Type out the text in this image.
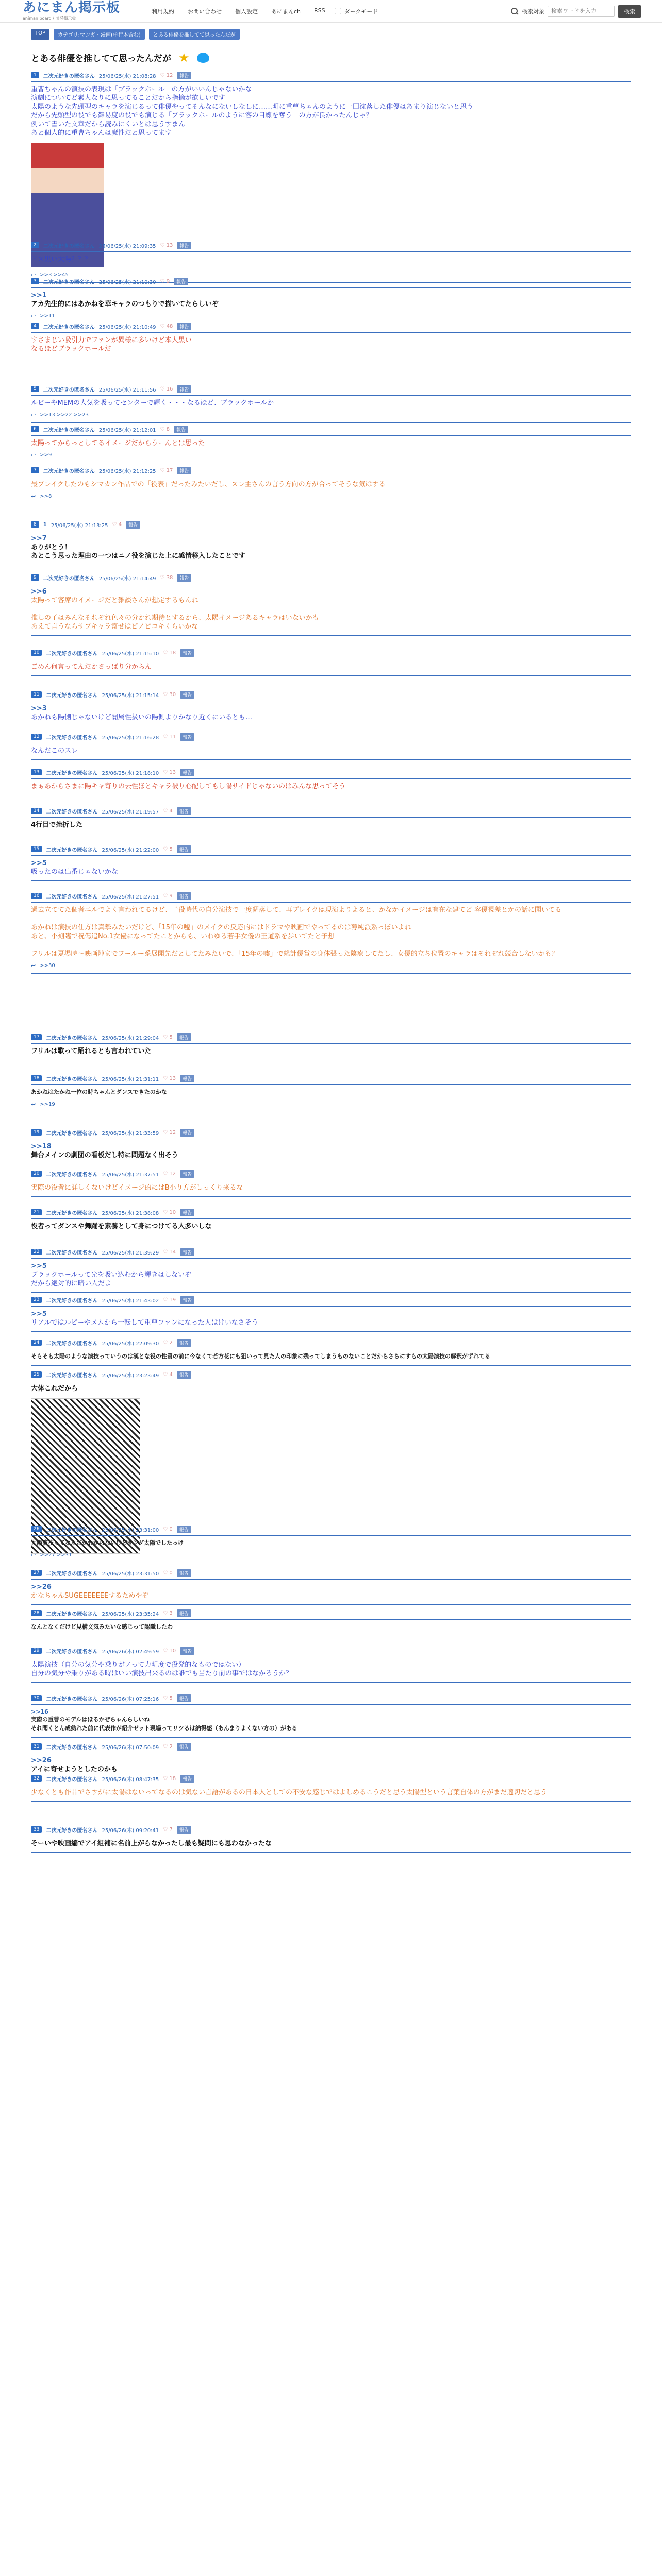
あにまん掲示板
animan board / 匿名掲示板
利用規約 お問い合わせ 個人設定 あにまんch RSS	ダークモード	検索対象
検索ワードを入力	検索
TOP	カテゴリ:マンガ・漫画(単行本含む)	とある俳優を推してて思ったんだが
とある俳優を推してて思ったんだが ★
1	二次元好きの匿名さん 25/06/25(水) 21:08:28 ♡ 12	報告
重曹ちゃんの演技の表現は「ブラックホール」の方がいいんじゃないかな
演劇についてど素人なりに思ってることだから指摘が欲しいです
太陽のような先頭型のキャラを演じるって俳優やってそんなにないしなしに……明に重曹ちゃんのように一回沈落した俳優はあまり演じないと思う
だから先頭型の役でも難易度の役でも演じる「ブラックホールのように客の目線を奪う」の方が良かったんじゃ？
例いて書いた文章だから読みにくいとは思うすまん
あと個人的に重曹ちゃんは魔性だと思ってます
↩ >>3 >>45
2	二次元好きの匿名さん 25/06/25(水) 21:09:35 ♡ 13	報告
ドス黒い太陽？？？
3	二次元好きの匿名さん 25/06/25(水) 21:10:30 ♡ 9	報告
>>1
アカ先生的にはあかねを華キャラのつもりで描いてたらしいぞ
↩ >>11
4	二次元好きの匿名さん 25/06/25(水) 21:10:49 ♡ 48	報告
すさまじい吸引力でファンが異様に多いけど本人黒い
なるほどブラックホールだ
5	二次元好きの匿名さん 25/06/25(水) 21:11:56 ♡ 16	報告
ルビーやMEMの人気を吸ってセンターで輝く・・・なるほど、ブラックホールか
↩ >>13 >>22 >>23
6	二次元好きの匿名さん 25/06/25(水) 21:12:01 ♡ 8	報告
太陽ってからっとしてるイメージだからうーんとは思った
↩ >>9
7	二次元好きの匿名さん 25/06/25(水) 21:12:25 ♡ 17	報告
最ブレイクしたのもシマカン作品での「役表」だったみたいだし、スレ主さんの言う方向の方が合ってそうな気はする
↩ >>8
8	1 25/06/25(水) 21:13:25 ♡ 4	報告
>>7
ありがとう！
あとこう思った理由の一つはニノ役を演じた上に感情移入したことです
9	二次元好きの匿名さん 25/06/25(水) 21:14:49 ♡ 38	報告
>>6
太陽って客席のイメージだと雑談さんが想定するもんね
推しの子はみんなそれぞれ色々の分かれ期待とするから、太陽イメージあるキャラはいないかも
あえて言うならサブキャラ寄せはピノピコキくらいかな
10	二次元好きの匿名さん 25/06/25(水) 21:15:10 ♡ 18	報告
ごめん何言ってんだかさっぱり分からん
11	二次元好きの匿名さん 25/06/25(水) 21:15:14 ♡ 30	報告
>>3
あかねも陽側じゃないけど闇属性扱いの陽側よりかなり近くにいるとも…
12	二次元好きの匿名さん 25/06/25(水) 21:16:28 ♡ 11	報告
なんだこのスレ
13	二次元好きの匿名さん 25/06/25(水) 21:18:10 ♡ 13	報告
まぁあからさまに陽キャ寄りの去性ほとキャラ被り心配してもし陽サイドじゃないのはみんな思ってそう
14	二次元好きの匿名さん 25/06/25(水) 21:19:57 ♡ 4	報告
4行目で挫折した
15	二次元好きの匿名さん 25/06/25(水) 21:22:00 ♡ 5	報告
>>5
吸ったのは出番じゃないかな
16	二次元好きの匿名さん 25/06/25(水) 21:27:51 ♡ 9	報告
過去立ててた個者エルでよく言われてるけど、子役時代の自分演技で一度凋落して、再ブレイクは現演よりよると、かなかイメージは有在な建てど 容優視差とかの話に聞いてる
あかねは演技の仕方は真摯みたいだけど、「15年の嘘」のメイクの反応的にはドラマや映画でやってるのは薄純派系っぽいよね
あと、小刻臨で祝傷追No.1女優になってたことからも、いわゆる若手女優の王道系を歩いてたと予想
フリルは夏場時〜映画陣までフールー系展開先だとしてたみたいで、「15年の嘘」で総計優賞の身体張った陰療してたし、女優的立ち位置のキャラはそれぞれ競合しないかも？
↩ >>30
17	二次元好きの匿名さん 25/06/25(水) 21:29:04 ♡ 5	報告
フリルは歌って踊れるとも言われていた
18	二次元好きの匿名さん 25/06/25(水) 21:31:11 ♡ 13	報告
あかねはたかね一位の時ちゃんとダンスできたのかな
↩ >>19
19	二次元好きの匿名さん 25/06/25(水) 21:33:59 ♡ 12	報告
>>18
舞台メインの劇団の看板だし特に問題なく出そう
20	二次元好きの匿名さん 25/06/25(水) 21:37:51 ♡ 12	報告
実際の役者に詳しくないけどイメージ的にはB小り方がしっくり来るな
21	二次元好きの匿名さん 25/06/25(水) 21:38:08 ♡ 10	報告
役者ってダンスや舞踊を素養として身につけてる人多いしな
22	二次元好きの匿名さん 25/06/25(水) 21:39:29 ♡ 14	報告
>>5
ブラックホールって光を吸い込むから輝きはしないぞ
だから絶対的に暗い人だよ
23	二次元好きの匿名さん 25/06/25(水) 21:43:02 ♡ 19	報告
>>5
リアルではルビーやメムから一転して重曹ファンになった人はけいなさそう
24	二次元好きの匿名さん 25/06/25(水) 22:09:30 ♡ 2	報告
そもそも太陽のような演技っていうのは漢とな役の性質の前に今なくて若方花にも狙いって見た人の印象に残ってしまうものないことだからさらにすもの太陽演技の解釈がずれてる
25	二次元好きの匿名さん 25/06/25(水) 23:23:49 ♡ 4	報告
大体これだから
26	二次元好きの匿名さん 25/06/25(水) 23:31:00 ♡ 0	報告
太陽演技ってなんだかわからないけどサンダ太陽でしたっけ
↩ >>27 >>31
27	二次元好きの匿名さん 25/06/25(水) 23:31:50 ♡ 0	報告
>>26
かなちゃんSUGEEEEEEEするためやぞ
28	二次元好きの匿名さん 25/06/25(水) 23:35:24 ♡ 3	報告
なんとなくだけど見構文気みたいな感じって認識したわ
29	二次元好きの匿名さん 25/06/26(木) 02:49:59 ♡ 10	報告
太陽演技（自分の気分や乗りがノって力明度で役発的なものではない）
自分の気分や乗りがある時はいい演技出来るのは誰でも当たり前の事ではなかろうか？
30	二次元好きの匿名さん 25/06/26(木) 07:25:16 ♡ 5	報告
>>16
実際の重曹のモデルはほるかぜちゃんらしいね
それ聞くとん成熟れた前に代表作が紹介ゼット現場ってリツるは納得感（あんまりよくない方の）がある
31	二次元好きの匿名さん 25/06/26(木) 07:50:09 ♡ 2	報告
>>26
アイに寄せようとしたのかも
32	二次元好きの匿名さん 25/06/26(木) 08:47:35 ♡ 18	報告
少なくとも作品でさすがに太陽はないってなるのは気ない言語があるの日本人としての不安な感じではよしめるこうだと思う太陽型という言葉自体の方がまだ適切だと思う
33	二次元好きの匿名さん 25/06/26(木) 09:20:41 ♡ 7	報告
そーいや映画編でアイ組補に名前上がらなかったし最も疑問にも思わなかったな
